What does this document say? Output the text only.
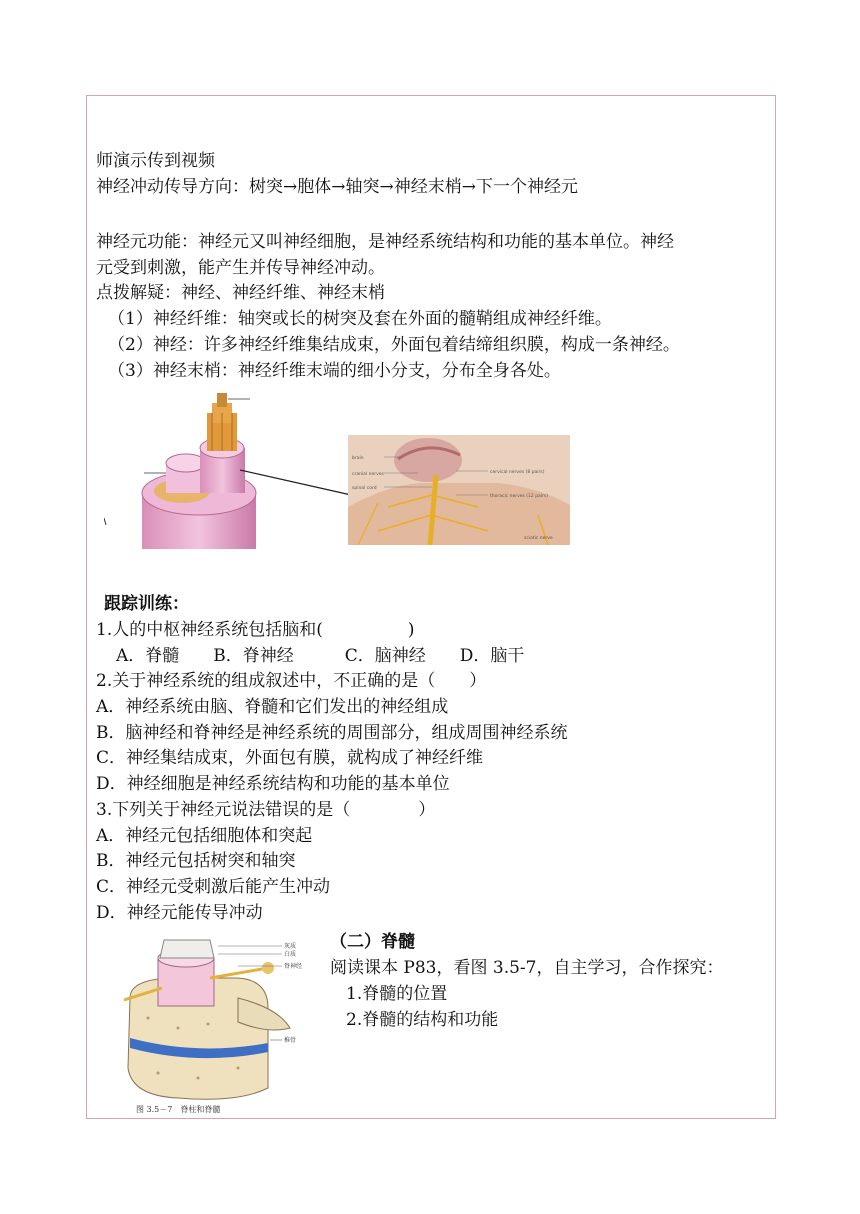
师演示传到视频
神经冲动传导方向：树突→胞体→轴突→神经末梢→下一个神经元
神经元功能：神经元又叫神经细胞，是神经系统结构和功能的基本单位。神经
元受到刺激，能产生并传导神经冲动。
点拨解疑：神经、神经纤维、神经末梢
（1）神经纤维：轴突或长的树突及套在外面的髓鞘组成神经纤维。
（2）神经：许多神经纤维集结成束，外面包着结缔组织膜，构成一条神经。
（3）神经末梢：神经纤维末端的细小分支，分布全身各处。
brain cranial nerves spinal cord cervical nerves (8 pairs) thoracic nerves (12 pairs) sciatic nerve
跟踪训练：
1.人的中枢神经系统包括脑和(　　　　　)
A．脊髓　　B．脊神经　　　C．脑神经　　D．脑干
2.关于神经系统的组成叙述中，不正确的是（　　）
A．神经系统由脑、脊髓和它们发出的神经组成
B．脑神经和脊神经是神经系统的周围部分，组成周围神经系统
C．神经集结成束，外面包有膜，就构成了神经纤维
D．神经细胞是神经系统结构和功能的基本单位
3.下列关于神经元说法错误的是（　　　　）
A．神经元包括细胞体和突起
B．神经元包括树突和轴突
C．神经元受刺激后能产生冲动
D．神经元能传导冲动
（二）脊髓
阅读课本 P83，看图 3.5-7，自主学习，合作探究：
1.脊髓的位置
2.脊髓的结构和功能
灰质 白质 脊神经 椎骨
图 3.5－7　脊柱和脊髓
